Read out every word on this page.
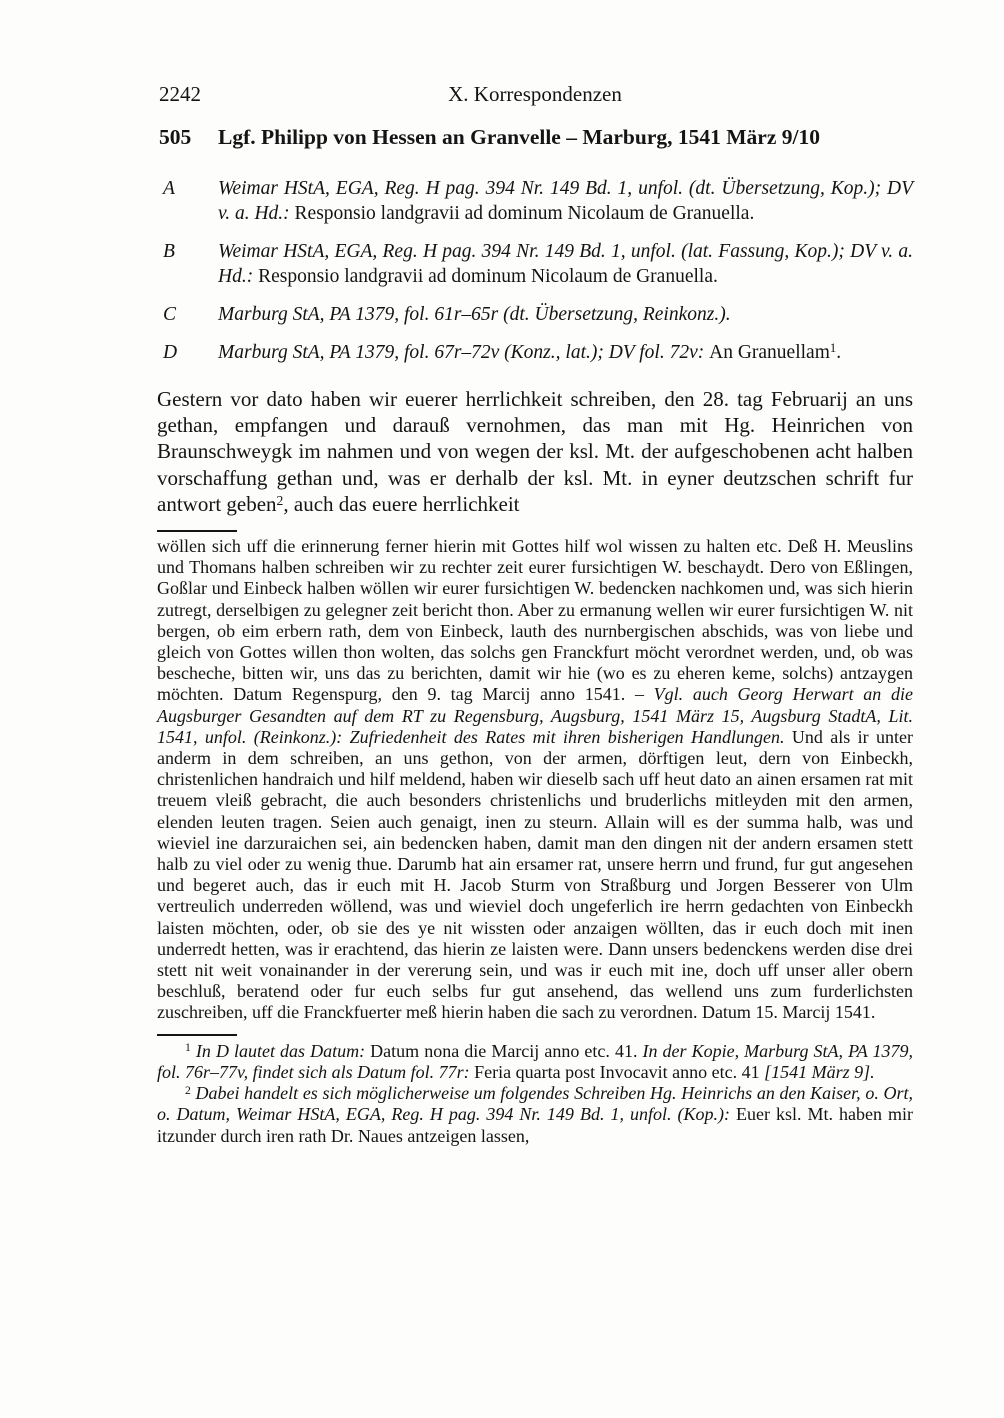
2242	X. Korrespondenzen
505	Lgf. Philipp von Hessen an Granvelle – Marburg, 1541 März 9/10
A	Weimar HStA, EGA, Reg. H pag. 394 Nr. 149 Bd. 1, unfol. (dt. Übersetzung, Kop.); DV v. a. Hd.: Responsio landgravii ad dominum Nicolaum de Granuella.
B	Weimar HStA, EGA, Reg. H pag. 394 Nr. 149 Bd. 1, unfol. (lat. Fassung, Kop.); DV v. a. Hd.: Responsio landgravii ad dominum Nicolaum de Granuella.
C	Marburg StA, PA 1379, fol. 61r–65r (dt. Übersetzung, Reinkonz.).
D	Marburg StA, PA 1379, fol. 67r–72v (Konz., lat.); DV fol. 72v: An Granuellam$^1$.
Gestern vor dato haben wir euerer herrlichkeit schreiben, den 28. tag Februarij an uns gethan, empfangen und darauß vernohmen, das man mit Hg. Heinrichen von Braunschweygk im nahmen und von wegen der ksl. Mt. der aufgeschobenen acht halben vorschaffung gethan und, was er derhalb der ksl. Mt. in eyner deutzschen schrift fur antwort geben$^2$, auch das euere herrlichkeit
wöllen sich uff die erinnerung ferner hierin mit Gottes hilf wol wissen zu halten etc. Deß H. Meuslins und Thomans halben schreiben wir zu rechter zeit eurer fursichtigen W. beschaydt. Dero von Eßlingen, Goßlar und Einbeck halben wöllen wir eurer fursichtigen W. bedencken nachkomen und, was sich hierin zutregt, derselbigen zu gelegner zeit bericht thon. Aber zu ermanung wellen wir eurer fursichtigen W. nit bergen, ob eim erbern rath, dem von Einbeck, lauth des nurnbergischen abschids, was von liebe und gleich von Gottes willen thon wolten, das solchs gen Franckfurt möcht verordnet werden, und, ob was bescheche, bitten wir, uns das zu berichten, damit wir hie (wo es zu eheren keme, solchs) antzaygen möchten. Datum Regenspurg, den 9. tag Marcij anno 1541. – Vgl. auch Georg Herwart an die Augsburger Gesandten auf dem RT zu Regensburg, Augsburg, 1541 März 15, Augsburg StadtA, Lit. 1541, unfol. (Reinkonz.): Zufriedenheit des Rates mit ihren bisherigen Handlungen. Und als ir unter anderm in dem schreiben, an uns gethon, von der armen, dörftigen leut, dern von Einbeckh, christenlichen handraich und hilf meldend, haben wir dieselb sach uff heut dato an ainen ersamen rat mit treuem vleiß gebracht, die auch besonders christenlichs und bruderlichs mitleyden mit den armen, elenden leuten tragen. Seien auch genaigt, inen zu steurn. Allain will es der summa halb, was und wieviel ine darzuraichen sei, ain bedencken haben, damit man den dingen nit der andern ersamen stett halb zu viel oder zu wenig thue. Darumb hat ain ersamer rat, unsere herrn und frund, fur gut angesehen und begeret auch, das ir euch mit H. Jacob Sturm von Straßburg und Jorgen Besserer von Ulm vertreulich underreden wöllend, was und wieviel doch ungeferlich ire herrn gedachten von Einbeckh laisten möchten, oder, ob sie des ye nit wissten oder anzaigen wöllten, das ir euch doch mit inen underredt hetten, was ir erachtend, das hierin ze laisten were. Dann unsers bedenckens werden dise drei stett nit weit vonainander in der vererung sein, und was ir euch mit ine, doch uff unser aller obern beschluß, beratend oder fur euch selbs fur gut ansehend, das wellend uns zum furderlichsten zuschreiben, uff die Franckfuerter meß hierin haben die sach zu verordnen. Datum 15. Marcij 1541.

$^1$ In D lautet das Datum: Datum nona die Marcij anno etc. 41. In der Kopie, Marburg StA, PA 1379, fol. 76r–77v, findet sich als Datum fol. 77r: Feria quarta post Invocavit anno etc. 41 [1541 März 9].

$^2$ Dabei handelt es sich möglicherweise um folgendes Schreiben Hg. Heinrichs an den Kaiser, o. Ort, o. Datum, Weimar HStA, EGA, Reg. H pag. 394 Nr. 149 Bd. 1, unfol. (Kop.): Euer ksl. Mt. haben mir itzunder durch iren rath Dr. Naues antzeigen lassen,
